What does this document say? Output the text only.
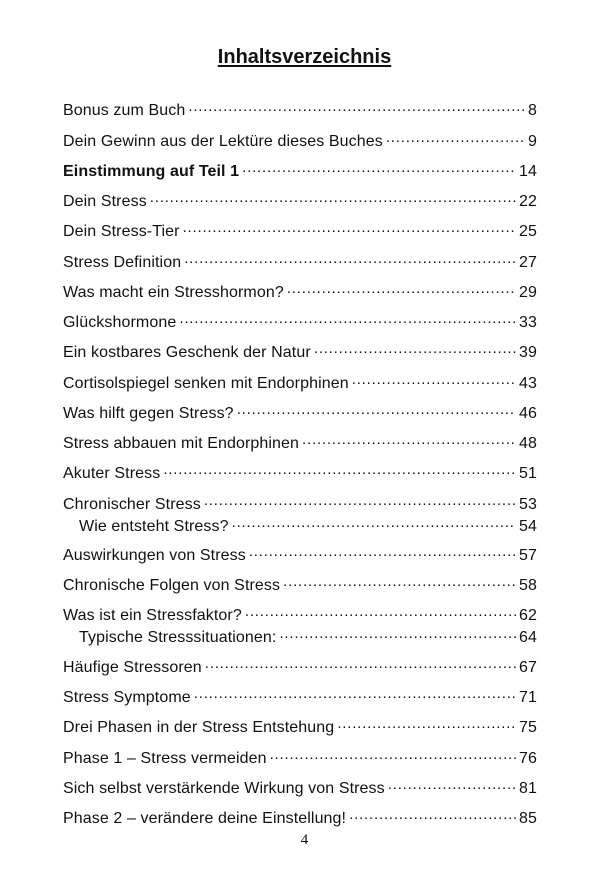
Inhaltsverzeichnis
Bonus zum Buch .....	8
Dein Gewinn aus der Lektüre dieses Buches .....	9
Einstimmung auf Teil 1 .....	14
Dein Stress .....	22
Dein Stress-Tier .....	25
Stress Definition .....	27
Was macht ein Stresshormon? .....	29
Glückshormone .....	33
Ein kostbares Geschenk der Natur .....	39
Cortisolspiegel senken mit Endorphinen .....	43
Was hilft gegen Stress? .....	46
Stress abbauen mit Endorphinen .....	48
Akuter Stress .....	51
Chronischer Stress .....	53
Wie entsteht Stress? .....	54
Auswirkungen von Stress .....	57
Chronische Folgen von Stress .....	58
Was ist ein Stressfaktor? .....	62
Typische Stresssituationen: .....	64
Häufige Stressoren .....	67
Stress Symptome .....	71
Drei Phasen in der Stress Entstehung .....	75
Phase 1 – Stress vermeiden .....	76
Sich selbst verstärkende Wirkung von Stress .....	81
Phase 2 – verändere deine Einstellung! .....	85
4
